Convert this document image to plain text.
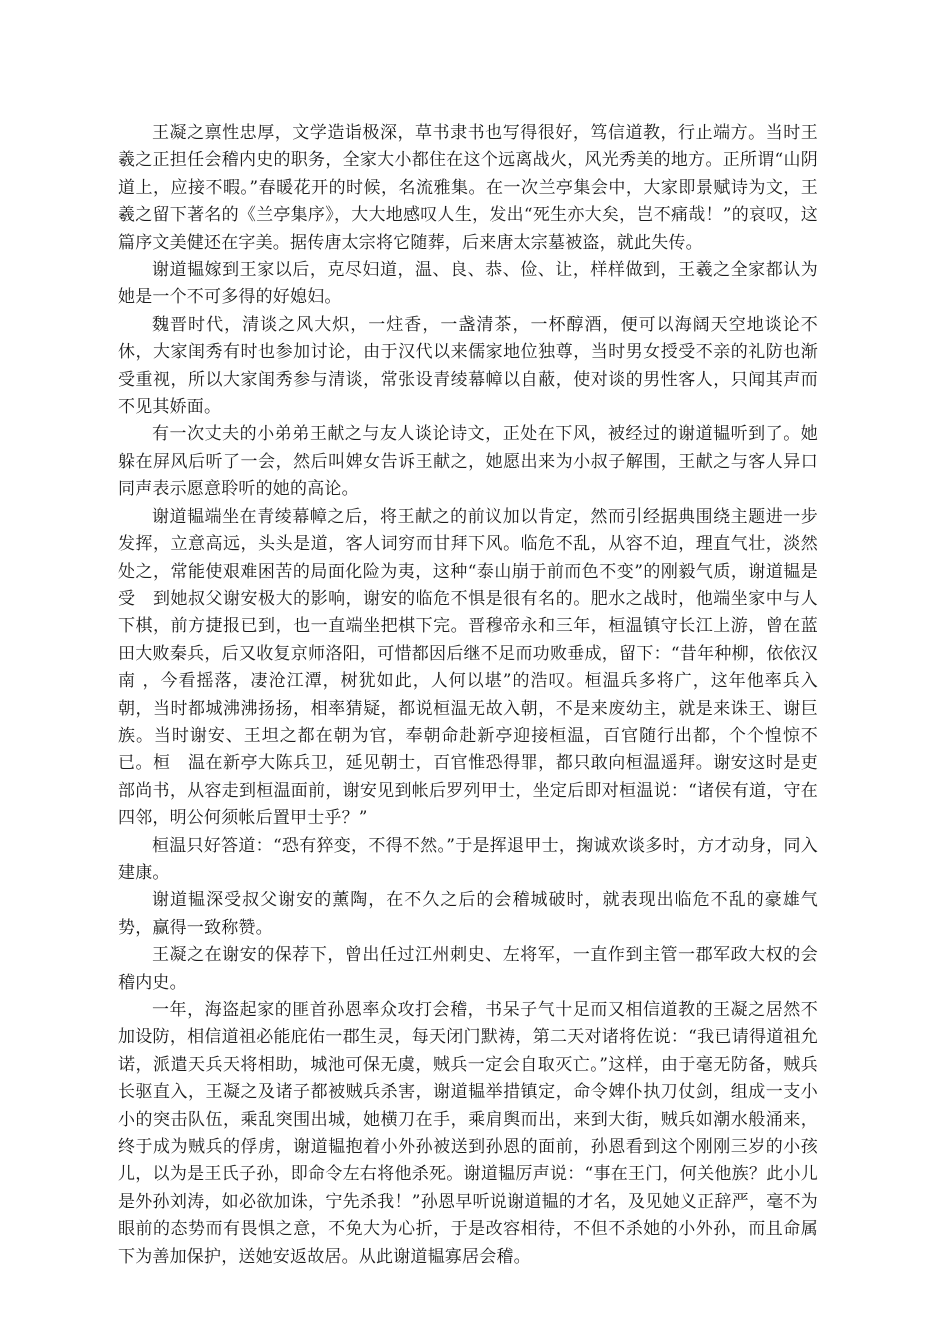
王凝之禀性忠厚，文学造诣极深，草书隶书也写得很好，笃信道教，行止端方。当时王羲之正担任会稽内史的职务，全家大小都住在这个远离战火，风光秀美的地方。正所谓“山阴道上，应接不暇。”春暖花开的时候，名流雅集。在一次兰亭集会中，大家即景赋诗为文，王羲之留下著名的《兰亭集序》，大大地感叹人生，发出“死生亦大矣，岂不痛哉！”的哀叹，这篇序文美健还在字美。据传唐太宗将它随葬，后来唐太宗墓被盗，就此失传。

谢道韫嫁到王家以后，克尽妇道，温、良、恭、俭、让，样样做到，王羲之全家都认为她是一个不可多得的好媳妇。

魏晋时代，清谈之风大炽，一炷香，一盏清茶，一杯醇酒，便可以海阔天空地谈论不休，大家闺秀有时也参加讨论，由于汉代以来儒家地位独尊，当时男女授受不亲的礼防也渐受重视，所以大家闺秀参与清谈，常张设青绫幕幛以自蔽，使对谈的男性客人，只闻其声而不见其娇面。

有一次丈夫的小弟弟王献之与友人谈论诗文，正处在下风，被经过的谢道韫听到了。她躲在屏风后听了一会，然后叫婢女告诉王献之，她愿出来为小叔子解围，王献之与客人异口同声表示愿意聆听的她的高论。

谢道韫端坐在青绫幕幛之后，将王献之的前议加以肯定，然而引经据典围绕主题进一步发挥，立意高远，头头是道，客人词穷而甘拜下风。临危不乱，从容不迫，理直气壮，淡然处之，常能使艰难困苦的局面化险为夷，这种“泰山崩于前而色不变”的刚毅气质，谢道韫是受　到她叔父谢安极大的影响，谢安的临危不惧是很有名的。肥水之战时，他端坐家中与人下棋，前方捷报已到，也一直端坐把棋下完。晋穆帝永和三年，桓温镇守长江上游，曾在蓝田大败秦兵，后又收复京师洛阳，可惜都因后继不足而功败垂成，留下：“昔年种柳，依依汉南 ，今看摇落，凄沧江潭，树犹如此，人何以堪”的浩叹。桓温兵多将广，这年他率兵入朝，当时都城沸沸扬扬，相率猜疑，都说桓温无故入朝，不是来废幼主，就是来诛王、谢巨族。当时谢安、王坦之都在朝为官，奉朝命赴新亭迎接桓温，百官随行出都，个个惶惊不已。桓　温在新亭大陈兵卫，延见朝士，百官惟恐得罪，都只敢向桓温遥拜。谢安这时是吏部尚书，从容走到桓温面前，谢安见到帐后罗列甲士，坐定后即对桓温说：“诸侯有道，守在四邻，明公何须帐后置甲士乎？”

桓温只好答道：“恐有猝变，不得不然。”于是挥退甲士，掬诚欢谈多时，方才动身，同入建康。

谢道韫深受叔父谢安的薰陶，在不久之后的会稽城破时，就表现出临危不乱的豪雄气势，赢得一致称赞。

王凝之在谢安的保荐下，曾出任过江州刺史、左将军，一直作到主管一郡军政大权的会稽内史。

一年，海盗起家的匪首孙恩率众攻打会稽，书呆子气十足而又相信道教的王凝之居然不加设防，相信道祖必能庇佑一郡生灵，每天闭门默祷，第二天对诸将佐说：“我已请得道祖允诺，派遣天兵天将相助，城池可保无虞，贼兵一定会自取灭亡。”这样，由于毫无防备，贼兵长驱直入，王凝之及诸子都被贼兵杀害，谢道韫举措镇定，命令婢仆执刀仗剑，组成一支小小的突击队伍，乘乱突围出城，她横刀在手，乘肩舆而出，来到大街，贼兵如潮水般涌来，终于成为贼兵的俘虏，谢道韫抱着小外孙被送到孙恩的面前，孙恩看到这个刚刚三岁的小孩儿，以为是王氏子孙，即命令左右将他杀死。谢道韫厉声说：“事在王门，何关他族？此小儿是外孙刘涛，如必欲加诛，宁先杀我！”孙恩早听说谢道韫的才名，及见她义正辞严，毫不为眼前的态势而有畏惧之意，不免大为心折，于是改容相待，不但不杀她的小外孙，而且命属下为善加保护，送她安返故居。从此谢道韫寡居会稽。
